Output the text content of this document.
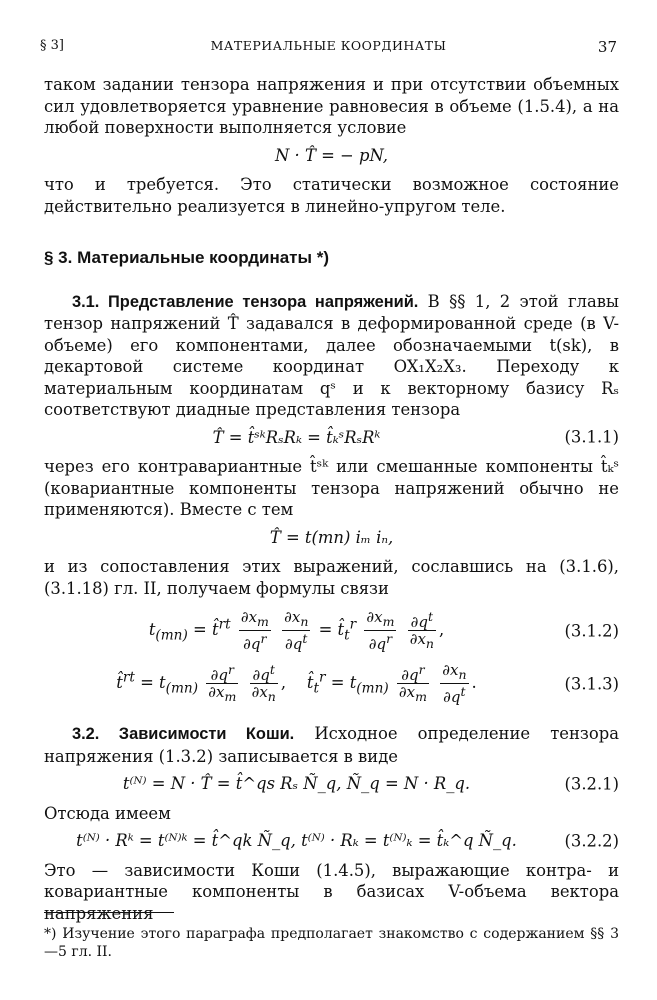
§ 3]	МАТЕРИАЛЬНЫЕ КООРДИНАТЫ	37

таком задании тензора напряжения и при отсутствии объемных сил удовлетворяется уравнение равновесия в объеме (1.5.4), а на любой поверхности выполняется условие

N · T̂ = − pN,

что и требуется. Это статически возможное состояние действительно реализуется в линейно-упругом теле.

§ 3. Материальные координаты *)

3.1. Представление тензора напряжений. В §§ 1, 2 этой главы тензор напряжений T̂ задавался в деформированной среде (в V-объеме) его компонентами, далее обозначаемыми t(sk), в декартовой системе координат OX₁X₂X₃. Переходу к материальным координатам qˢ и к векторному базису Rₛ соответствуют диадные представления тензора

T̂ = t̂ˢᵏRₛRₖ = t̂ₖˢRₛRᵏ	(3.1.1)

через его контравариантные t̂ˢᵏ или смешанные компоненты t̂ₖˢ (ковариантные компоненты тензора напряжений обычно не применяются). Вместе с тем

T̂ = t(mn) iₘ iₙ,

и из сопоставления этих выражений, сославшись на (3.1.6), (3.1.18) гл. II, получаем формулы связи

$t_{(mn)}$ = t̂$^{rt}$ $\frac{\partial x_m}{\partial q^r}$
$\frac{\partial x_n}{\partial q^t}$ = $t̂_t^r \frac{\partial x_m}{\partial q^r}$
$\frac{\partial q^t}{\partial x_n}$ ,	(3.1.2)
t̂$^{rt}$ = $t_{(mn)} \frac{\partial q^r}{\partial x_m}$
$\frac{\partial q^t}{\partial x_n}$ ,    $t̂_t^r = t_{(mn)} \frac{\partial q^r}{\partial x_m}$
$\frac{\partial x_n}{\partial q^t}$ .	(3.1.3)

3.2. Зависимости Коши. Исходное определение тензора напряжения (1.3.2) записывается в виде

t⁽ᴺ⁾ = N · T̂ = t̂^qs Rₛ Ñ_q, Ñ_q = N · R_q.	(3.2.1)

Отсюда имеем

t⁽ᴺ⁾ · Rᵏ = t⁽ᴺ⁾ᵏ = t̂^qk Ñ_q, t⁽ᴺ⁾ · Rₖ = t⁽ᴺ⁾ₖ = t̂ₖ^q Ñ_q.	(3.2.2)

Это — зависимости Коши (1.4.5), выражающие контра- и ковариантные компоненты в базисах V-объема вектора напряжения

*) Изучение этого параграфа предполагает знакомство с содержанием §§ 3—5 гл. II.
